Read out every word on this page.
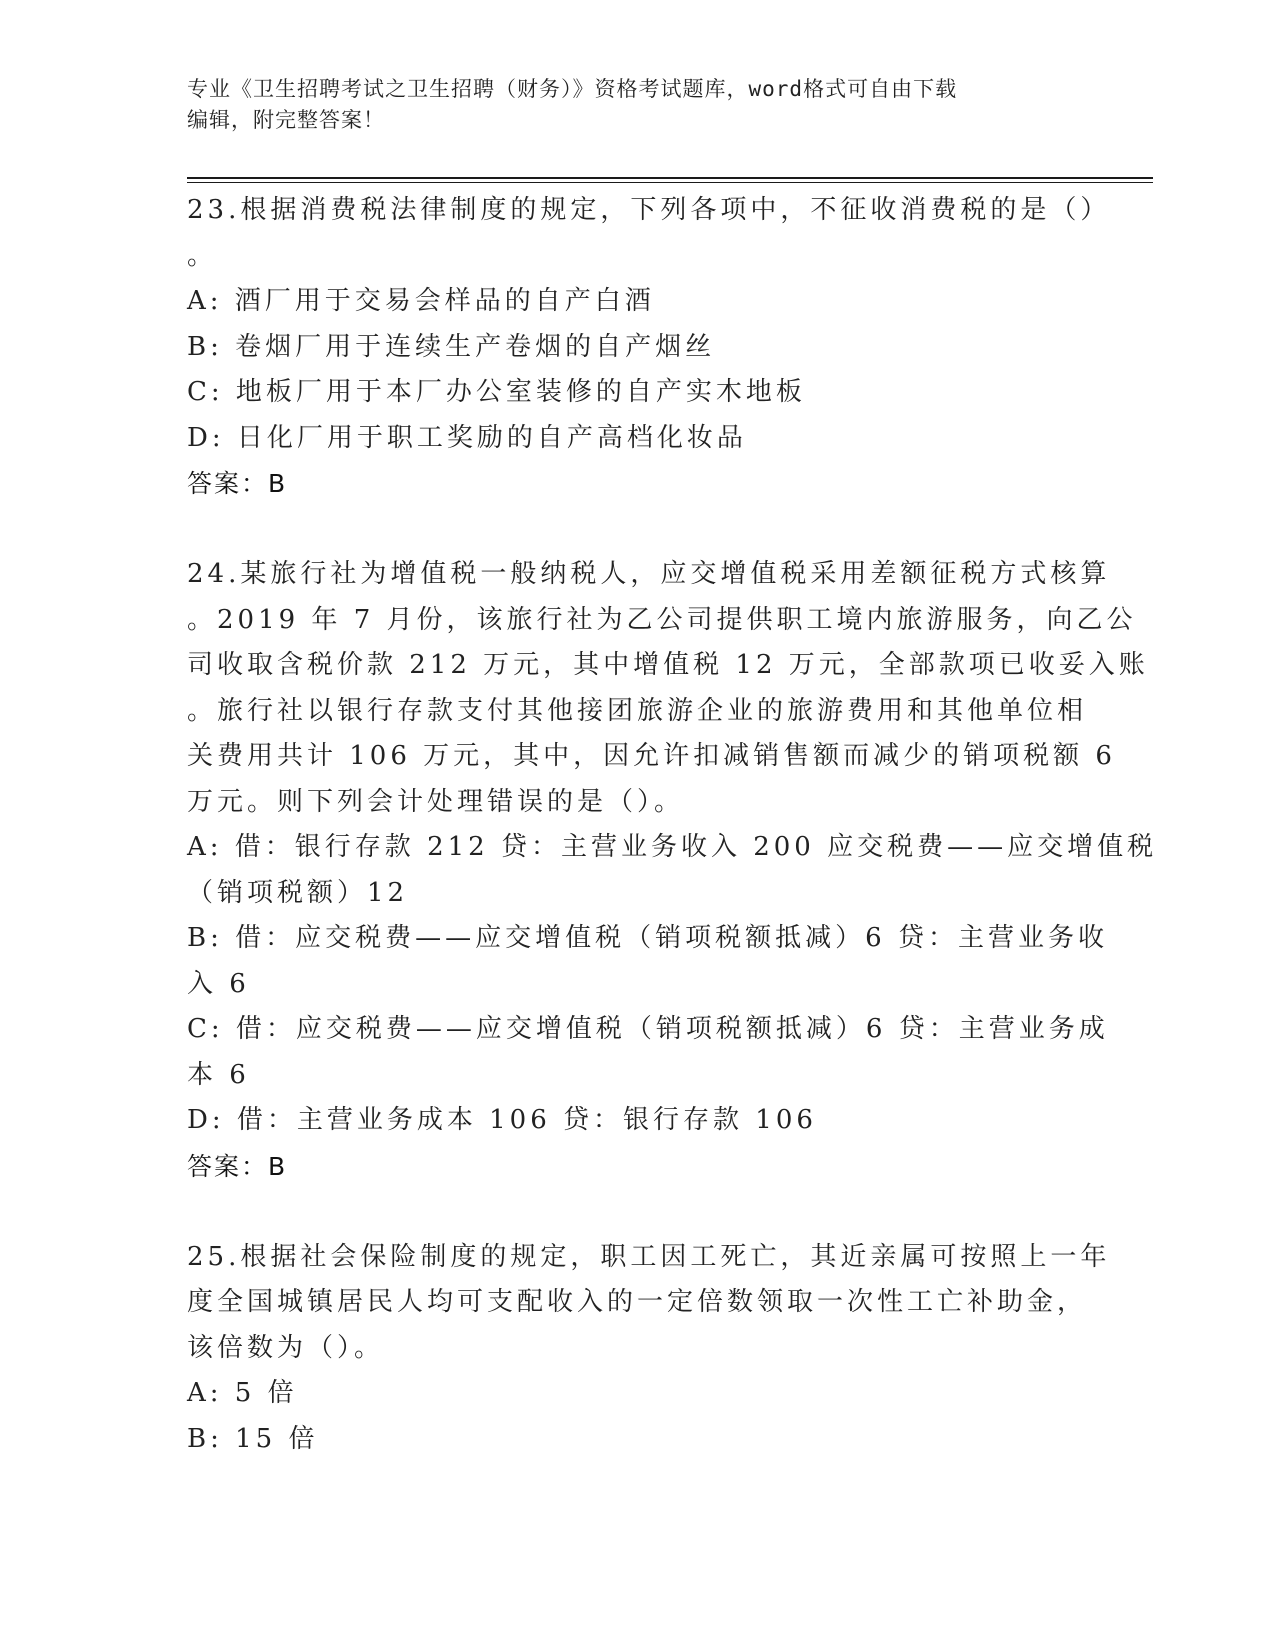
专业《卫生招聘考试之卫生招聘（财务）》资格考试题库，word格式可自由下载
编辑，附完整答案！

23.根据消费税法律制度的规定，下列各项中，不征收消费税的是（）

。

A: 酒厂用于交易会样品的自产白酒

B: 卷烟厂用于连续生产卷烟的自产烟丝

C: 地板厂用于本厂办公室装修的自产实木地板

D: 日化厂用于职工奖励的自产高档化妆品

答案：B

24.某旅行社为增值税一般纳税人，应交增值税采用差额征税方式核算

。2019 年 7 月份，该旅行社为乙公司提供职工境内旅游服务，向乙公

司收取含税价款 212 万元，其中增值税 12 万元，全部款项已收妥入账

。旅行社以银行存款支付其他接团旅游企业的旅游费用和其他单位相

关费用共计 106 万元，其中，因允许扣减销售额而减少的销项税额 6

万元。则下列会计处理错误的是（）。

A: 借：银行存款 212 贷：主营业务收入 200 应交税费——应交增值税

（销项税额）12

B: 借：应交税费——应交增值税（销项税额抵减）6 贷：主营业务收

入 6

C: 借：应交税费——应交增值税（销项税额抵减）6 贷：主营业务成

本 6

D: 借：主营业务成本 106 贷：银行存款 106

答案：B

25.根据社会保险制度的规定，职工因工死亡，其近亲属可按照上一年

度全国城镇居民人均可支配收入的一定倍数领取一次性工亡补助金，

该倍数为（）。

A: 5 倍

B: 15 倍
